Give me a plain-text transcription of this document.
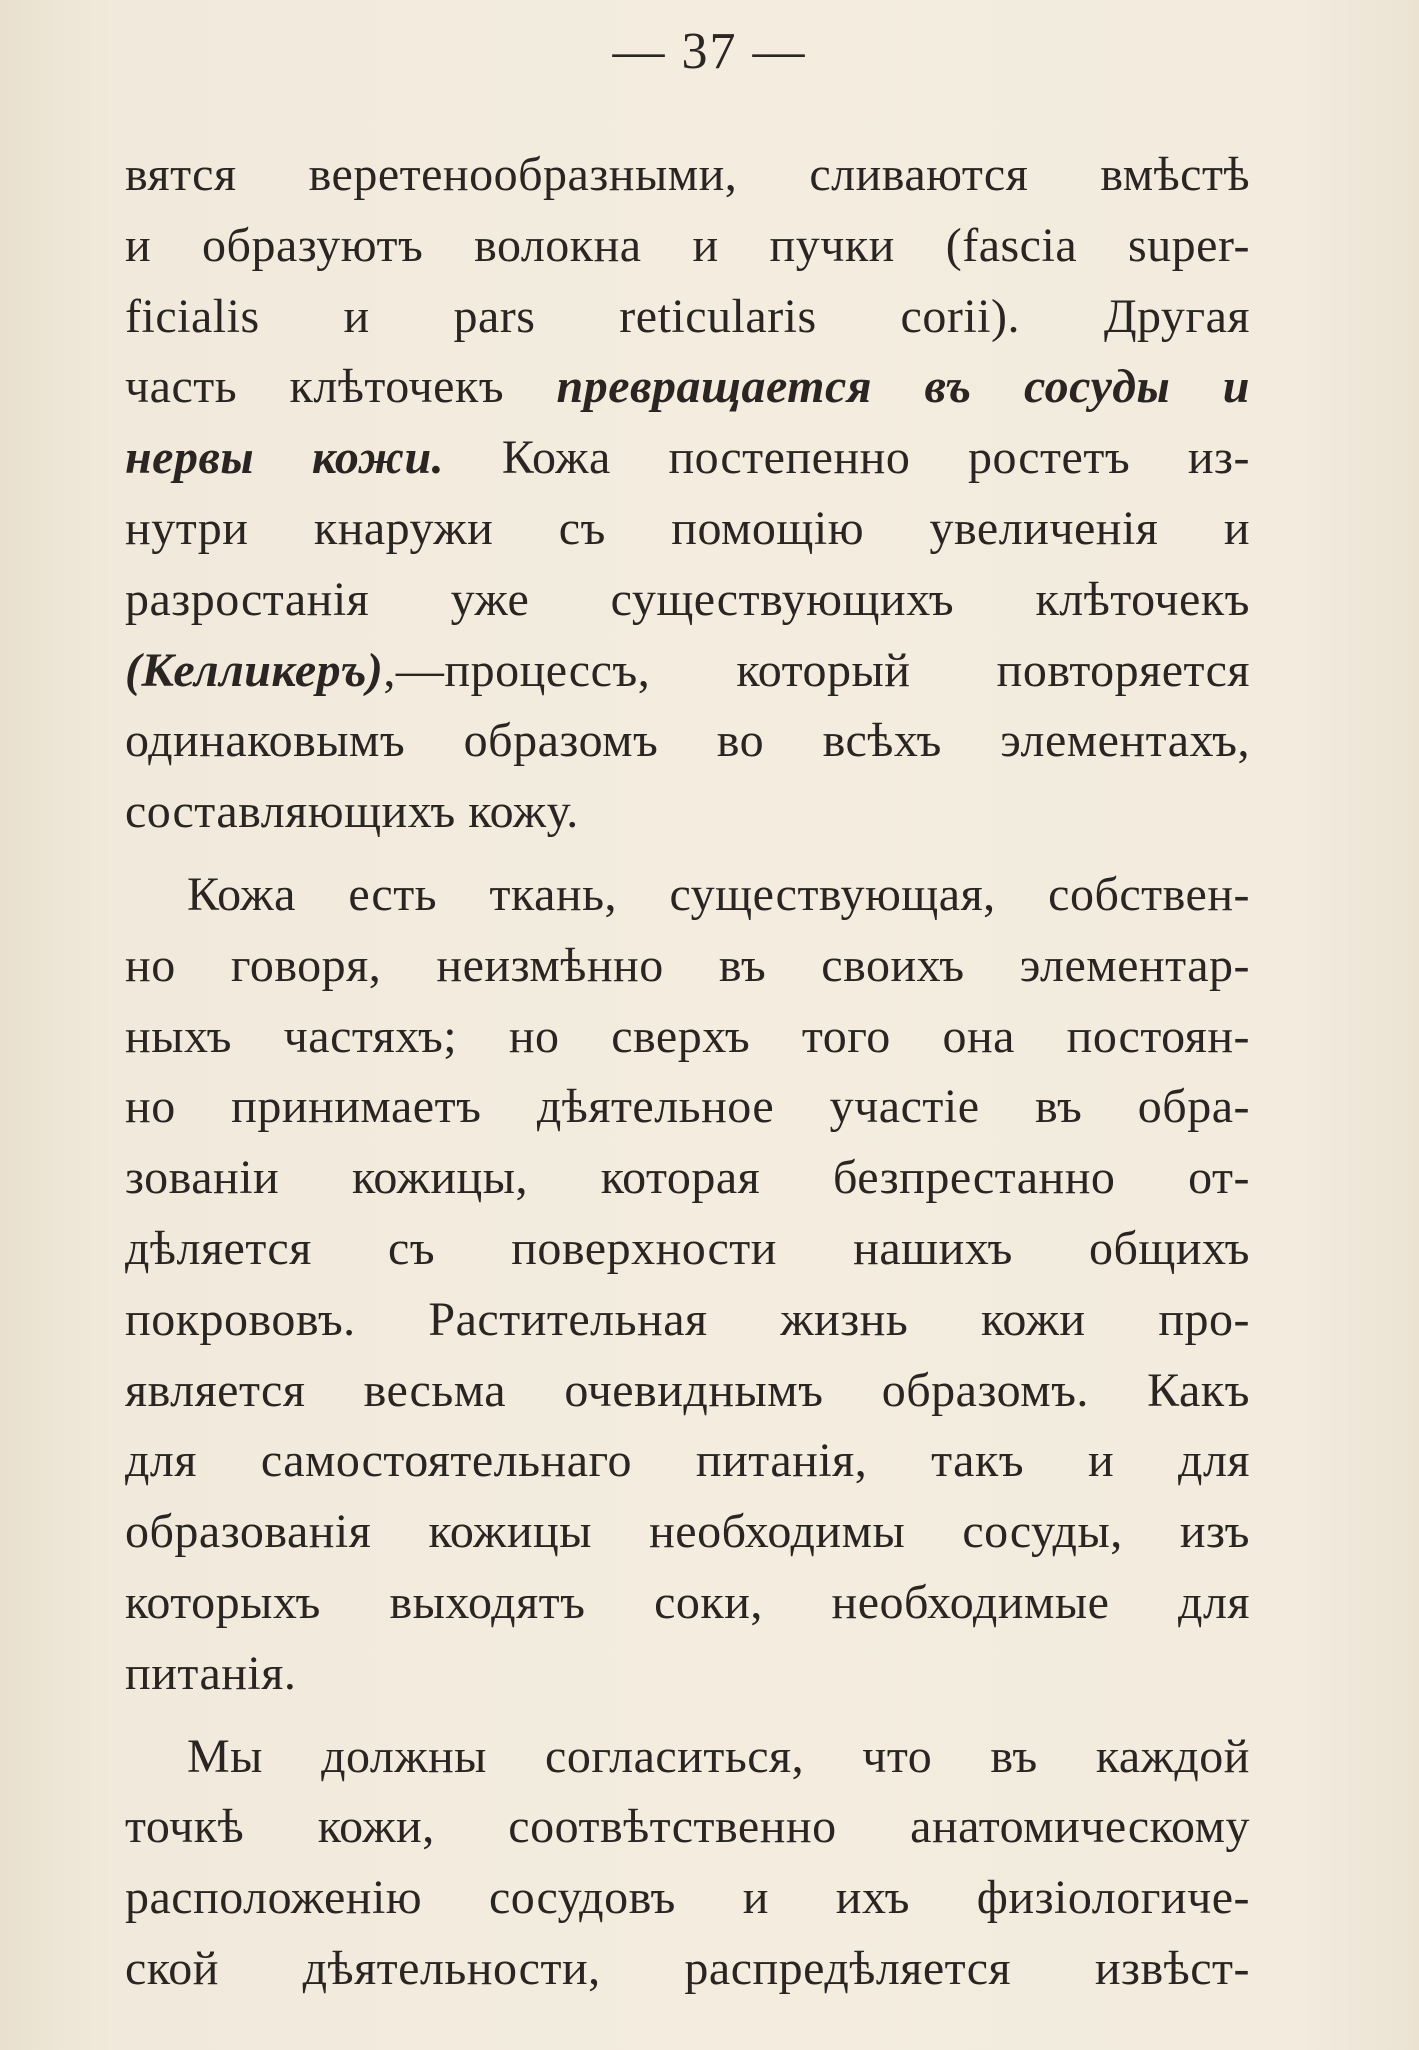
— 37 —
вятся веретенообразными, сливаются вмѣстѣ
и образуютъ волокна и пучки (fascia super-
ficialis и pars reticularis corii). Другая
часть клѣточекъ превращается въ сосуды и
нервы кожи. Кожа постепенно ростетъ из-
нутри кнаружи съ помощію увеличенія и
разростанія уже существующихъ клѣточекъ
(Келликеръ),—процессъ, который повторяется
одинаковымъ образомъ во всѣхъ элементахъ,
составляющихъ кожу.
Кожа есть ткань, существующая, собствен-
но говоря, неизмѣнно въ своихъ элементар-
ныхъ частяхъ; но сверхъ того она постоян-
но принимаетъ дѣятельное участіе въ обра-
зованіи кожицы, которая безпрестанно от-
дѣляется съ поверхности нашихъ общихъ
покрововъ. Растительная жизнь кожи про-
является весьма очевиднымъ образомъ. Какъ
для самостоятельнаго питанія, такъ и для
образованія кожицы необходимы сосуды, изъ
которыхъ выходятъ соки, необходимые для
питанія.
Мы должны согласиться, что въ каждой
точкѣ кожи, соотвѣтственно анатомическому
расположенію сосудовъ и ихъ физіологиче-
ской дѣятельности, распредѣляется извѣст-
